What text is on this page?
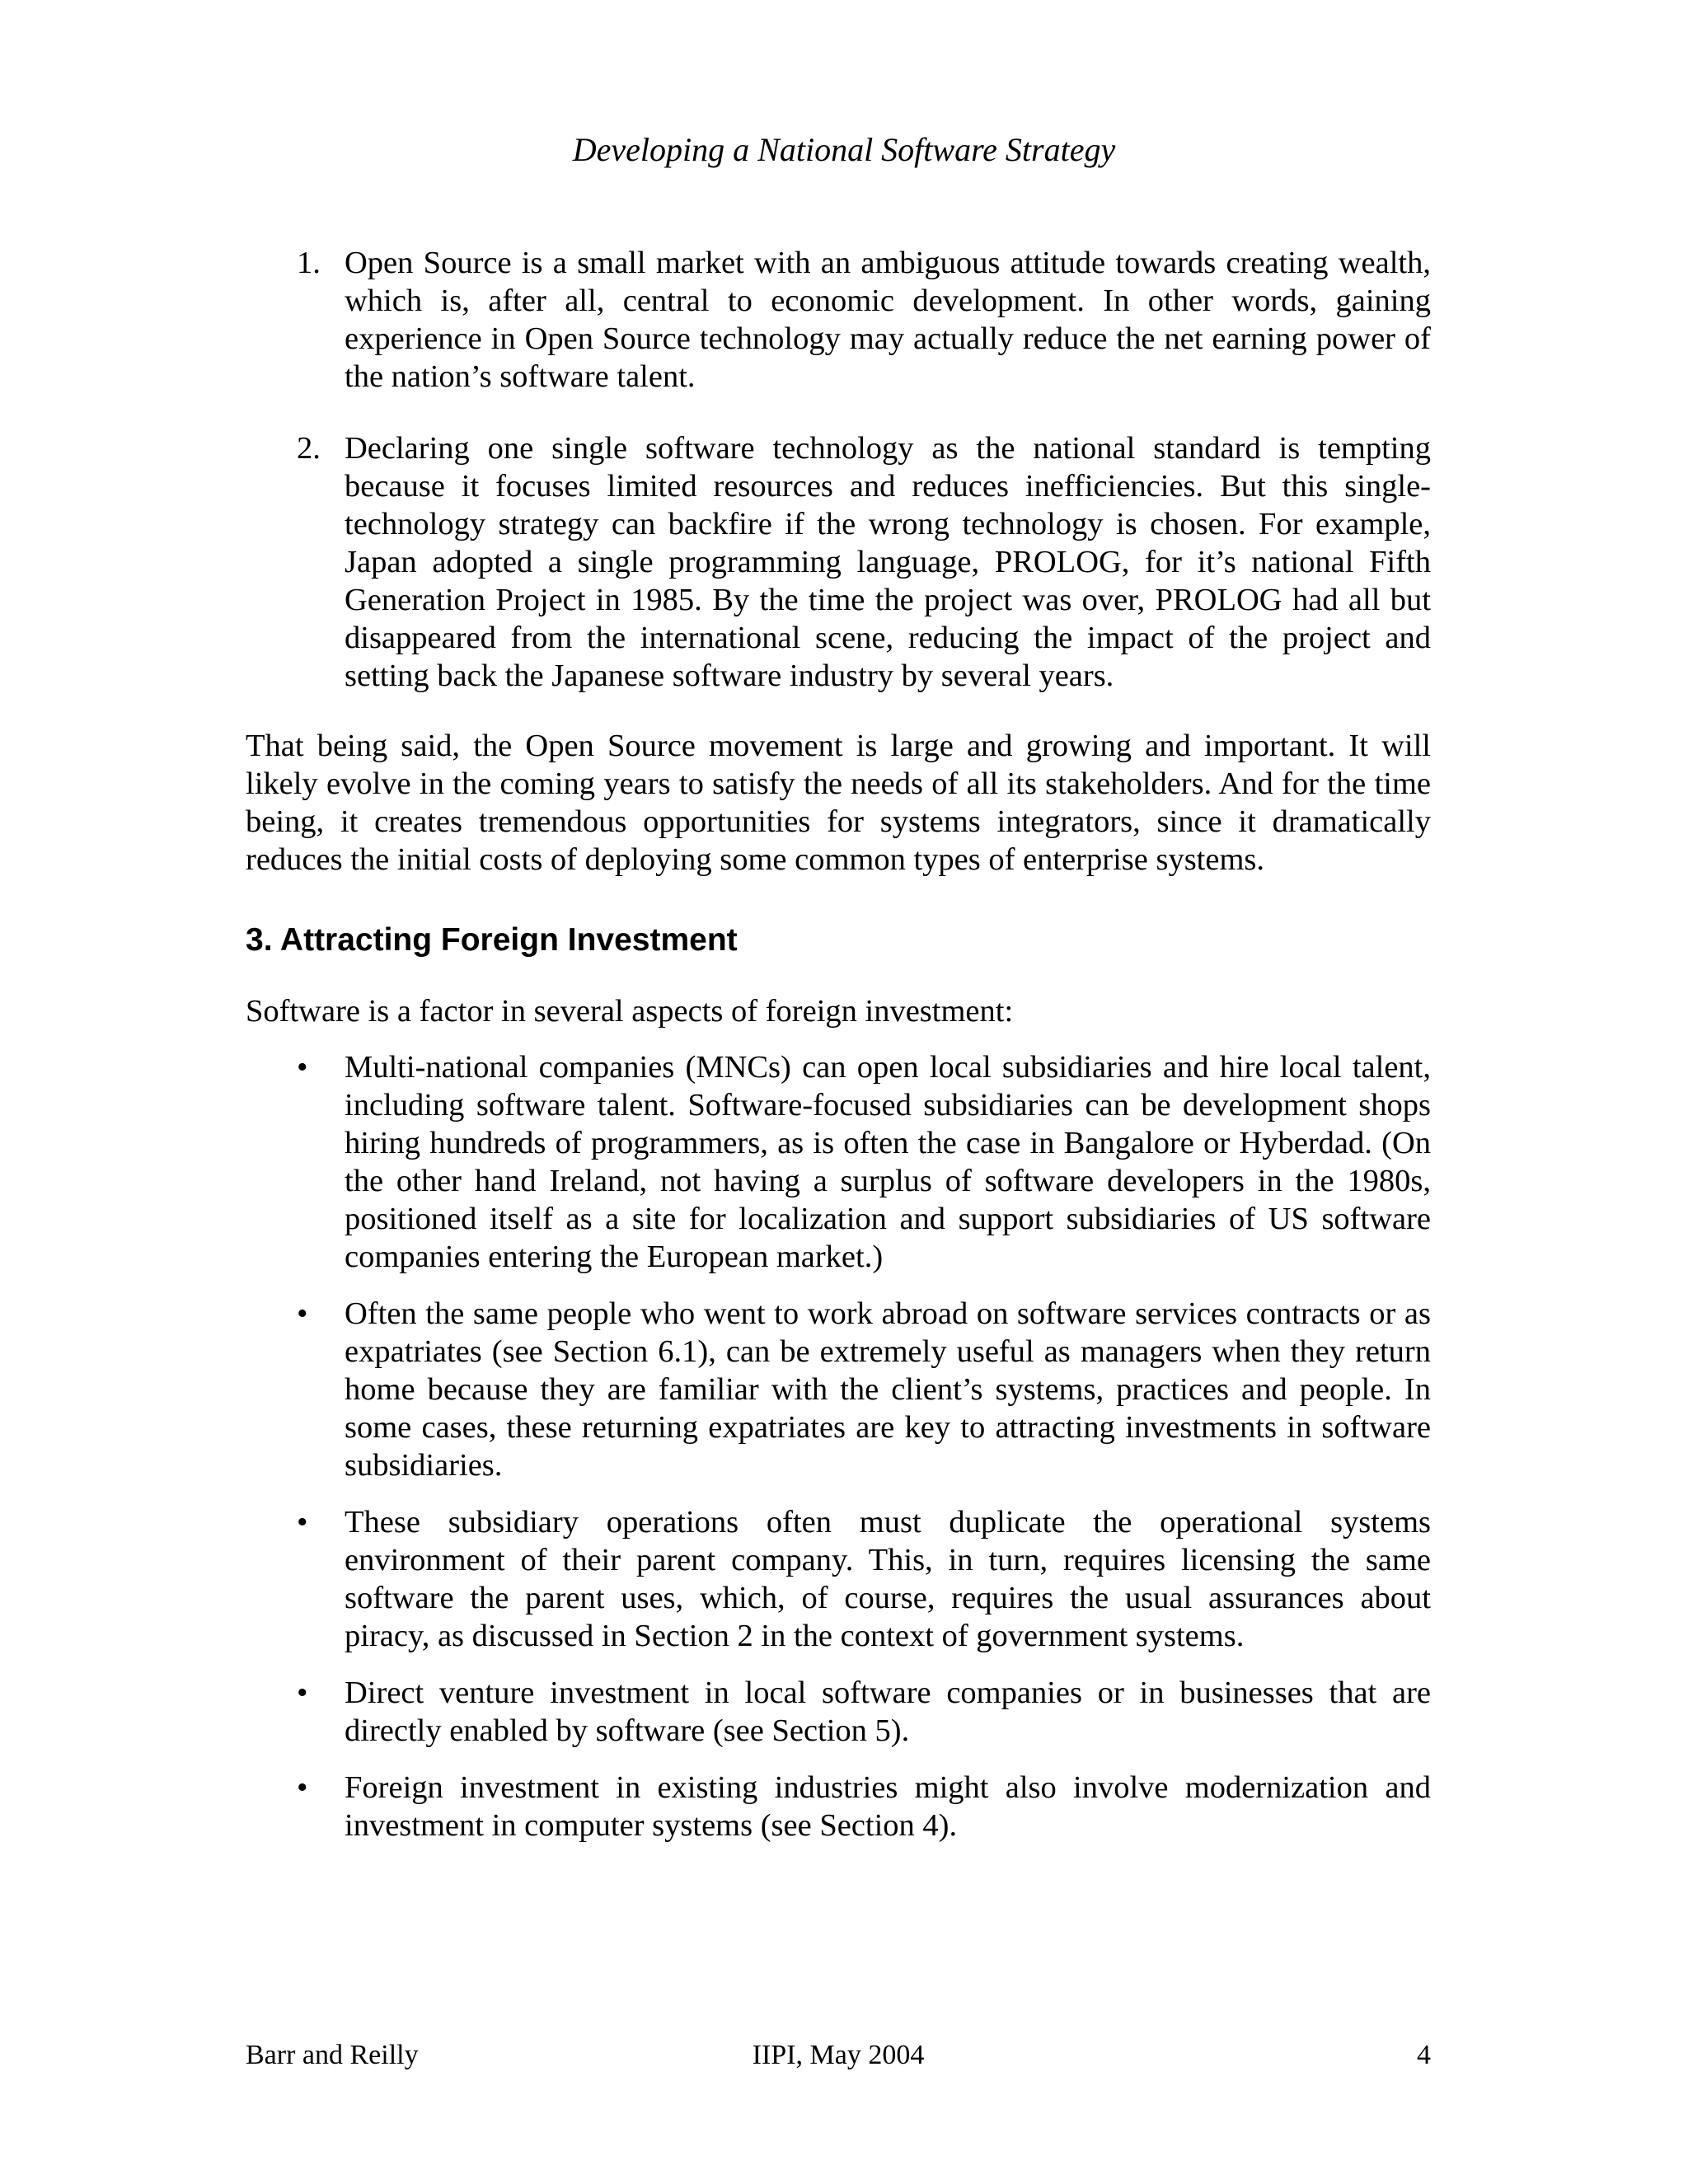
Developing a National Software Strategy
1. Open Source is a small market with an ambiguous attitude towards creating wealth, which is, after all, central to economic development. In other words, gaining experience in Open Source technology may actually reduce the net earning power of the nation’s software talent.
2. Declaring one single software technology as the national standard is tempting because it focuses limited resources and reduces inefficiencies. But this single-technology strategy can backfire if the wrong technology is chosen. For example, Japan adopted a single programming language, PROLOG, for it’s national Fifth Generation Project in 1985. By the time the project was over, PROLOG had all but disappeared from the international scene, reducing the impact of the project and setting back the Japanese software industry by several years.

That being said, the Open Source movement is large and growing and important. It will likely evolve in the coming years to satisfy the needs of all its stakeholders. And for the time being, it creates tremendous opportunities for systems integrators, since it dramatically reduces the initial costs of deploying some common types of enterprise systems.

3. Attracting Foreign Investment

Software is a factor in several aspects of foreign investment:

• Multi-national companies (MNCs) can open local subsidiaries and hire local talent, including software talent. Software-focused subsidiaries can be development shops hiring hundreds of programmers, as is often the case in Bangalore or Hyberdad. (On the other hand Ireland, not having a surplus of software developers in the 1980s, positioned itself as a site for localization and support subsidiaries of US software companies entering the European market.)
• Often the same people who went to work abroad on software services contracts or as expatriates (see Section 6.1), can be extremely useful as managers when they return home because they are familiar with the client’s systems, practices and people. In some cases, these returning expatriates are key to attracting investments in software subsidiaries.
• These subsidiary operations often must duplicate the operational systems environment of their parent company. This, in turn, requires licensing the same software the parent uses, which, of course, requires the usual assurances about piracy, as discussed in Section 2 in the context of government systems.
• Direct venture investment in local software companies or in businesses that are directly enabled by software (see Section 5).
• Foreign investment in existing industries might also involve modernization and investment in computer systems (see Section 4).
Barr and Reilly	IIPI, May 2004	4
